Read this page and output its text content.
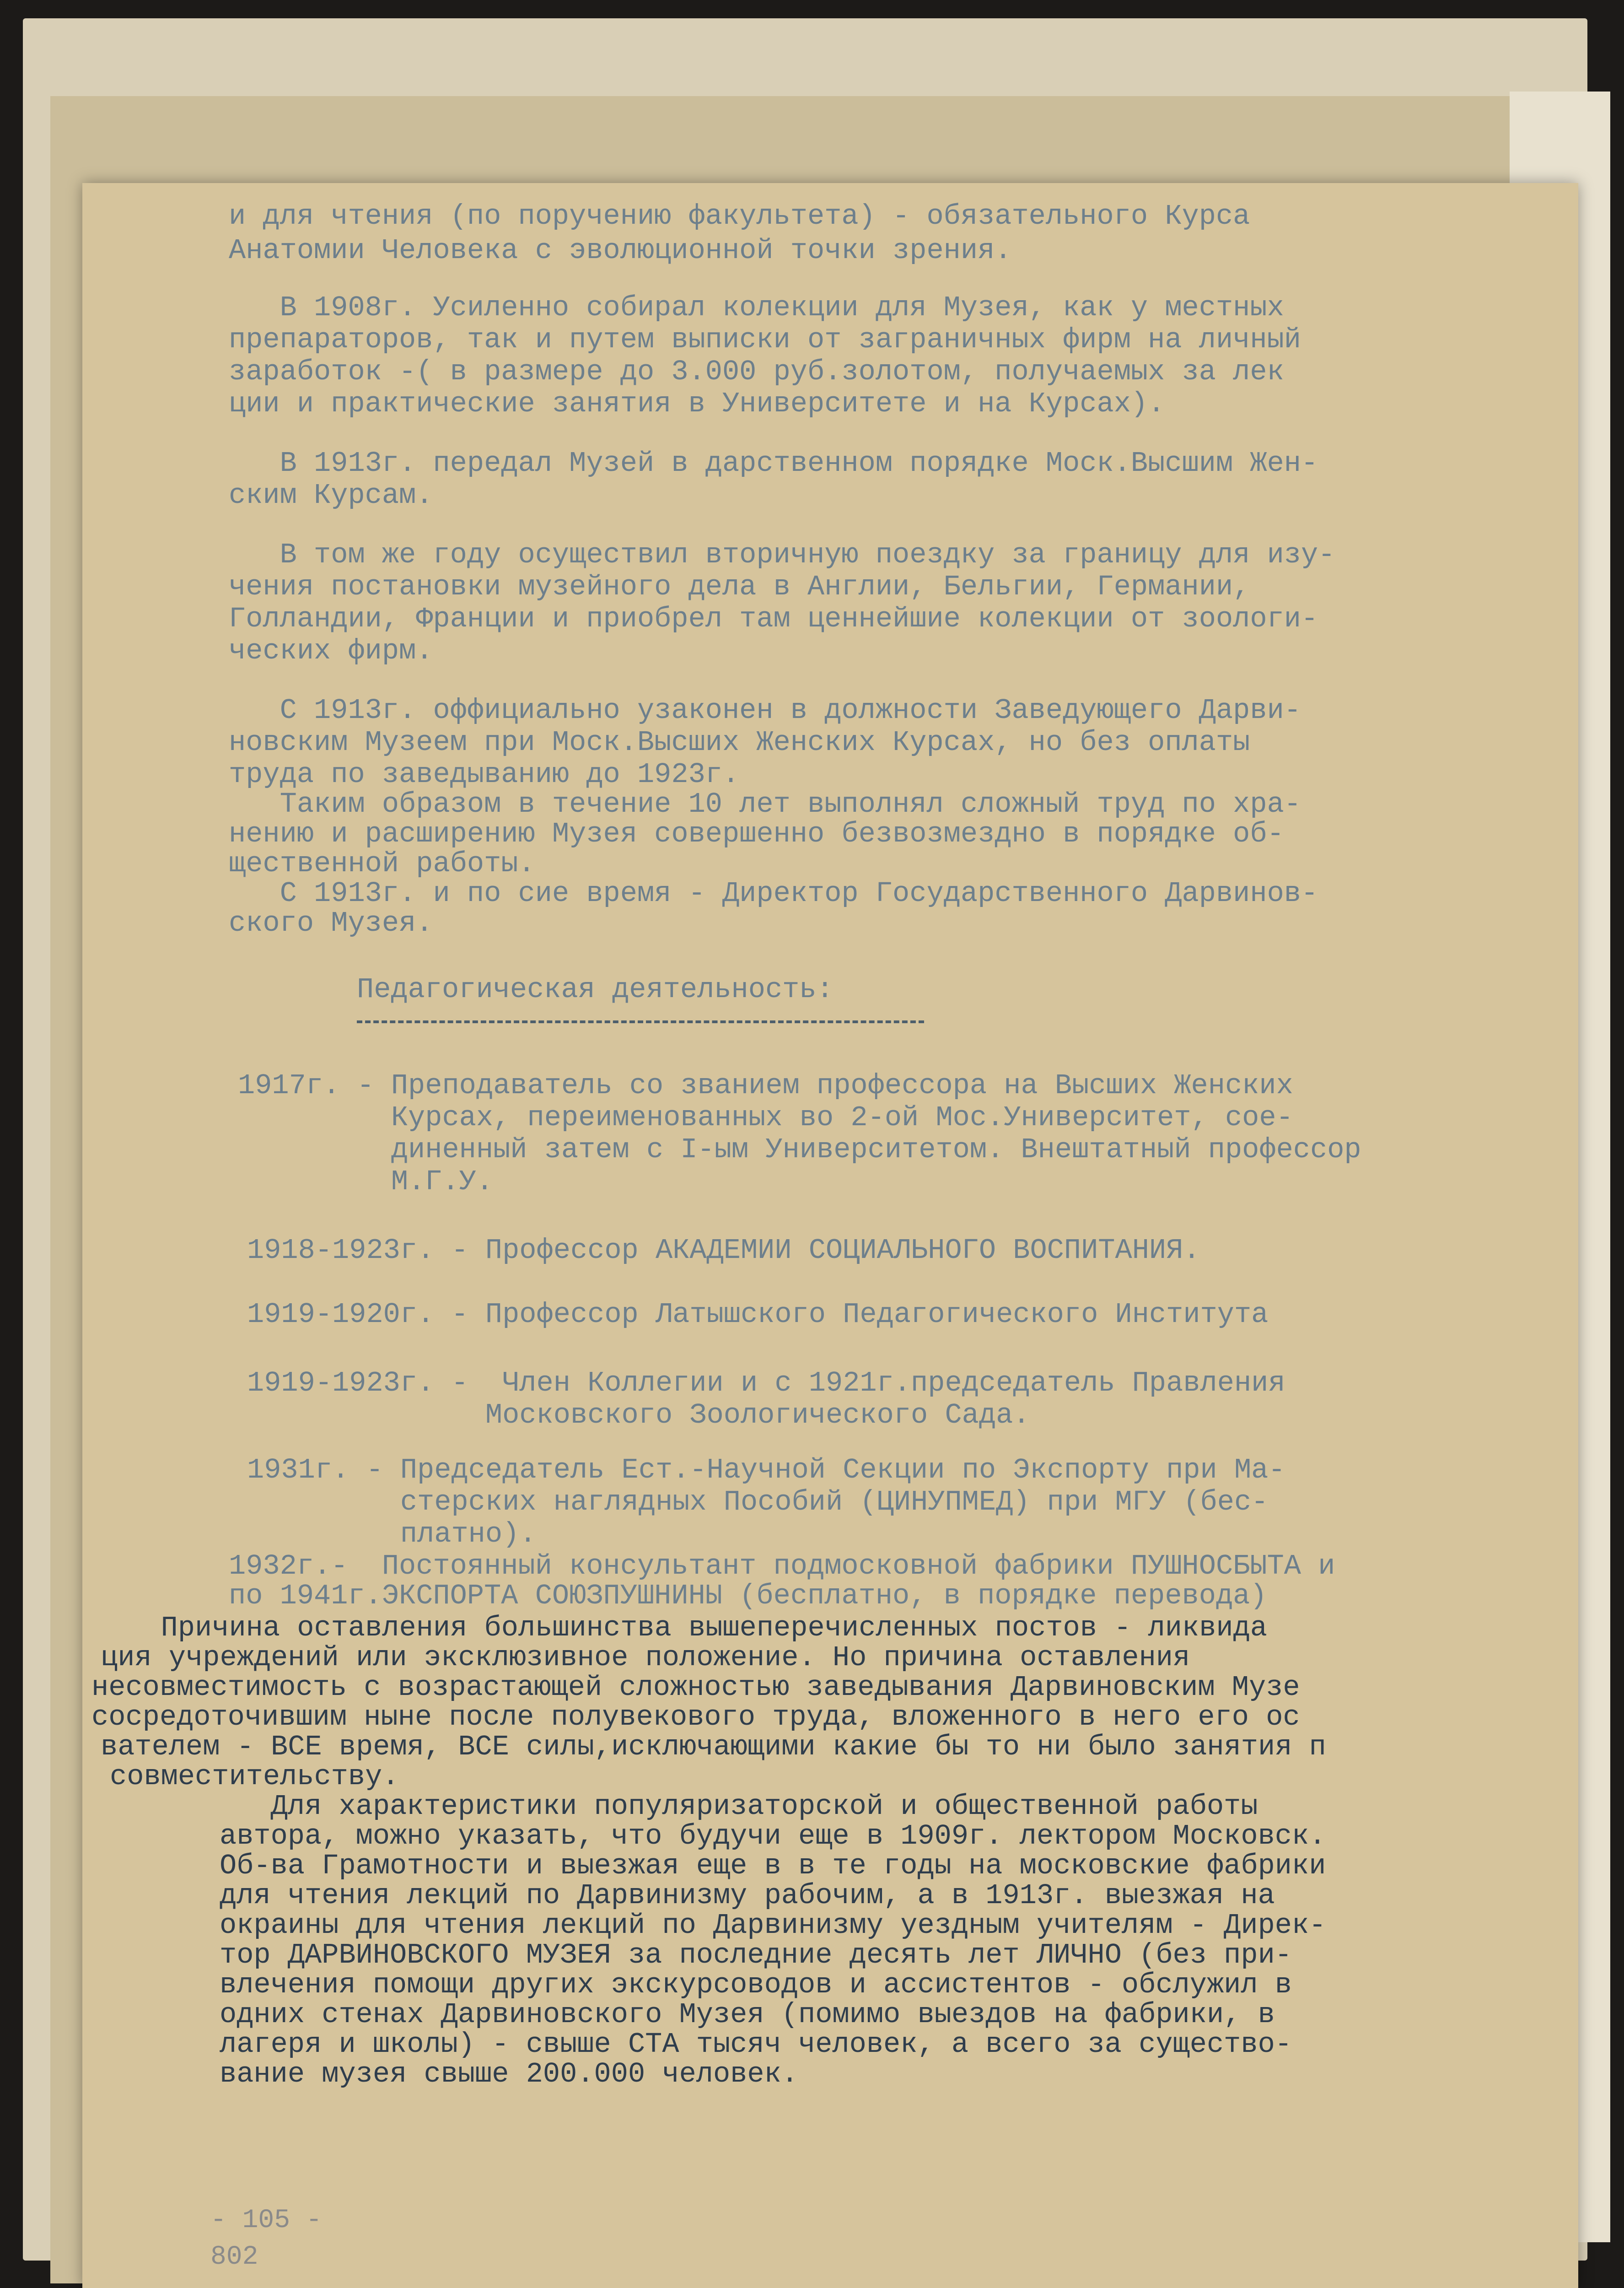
и для чтения (по поручению факультета) - обязательного Курса
Анатомии Человека с эволюционной точки зрения.
В 1908г. Усиленно собирал колекции для Музея, как у местных
препараторов, так и путем выписки от заграничных фирм на личный
заработок -( в размере до 3.000 руб.золотом, получаемых за лек
ции и практические занятия в Университете и на Курсах).
В 1913г. передал Музей в дарственном порядке Моск.Высшим Жен-
ским Курсам.
В том же году осуществил вторичную поездку за границу для изу-
чения постановки музейного дела в Англии, Бельгии, Германии,
Голландии, Франции и приобрел там ценнейшие колекции от зоологи-
ческих фирм.
С 1913г. оффициально узаконен в должности Заведующего Дарви-
новским Музеем при Моск.Высших Женских Курсах, но без оплаты
труда по заведыванию до 1923г.
Таким образом в течение 10 лет выполнял сложный труд по хра-
нению и расширению Музея совершенно безвозмездно в порядке об-
щественной работы.
С 1913г. и по сие время - Директор Государственного Дарвинов-
ского Музея.
Педагогическая деятельность:
1917г. - Преподаватель со званием профессора на Высших Женских
Курсах, переименованных во 2-ой Мос.Университет, сое-
диненный затем с I-ым Университетом. Внештатный профессор
М.Г.У.
1918-1923г. - Профессор АКАДЕМИИ СОЦИАЛЬНОГО ВОСПИТАНИЯ.
1919-1920г. - Профессор Латышского Педагогического Института
1919-1923г. -  Член Коллегии и с 1921г.председатель Правления
Московского Зоологического Сада.
1931г. - Председатель Ест.-Научной Секции по Экспорту при Ма-
стерских наглядных Пособий (ЦИНУПМЕД) при МГУ (бес-
платно).
1932г.-  Постоянный консультант подмосковной фабрики ПУШНОСБЫТА и
по 1941г.ЭКСПОРТА СОЮЗПУШНИНЫ (бесплатно, в порядке перевода)
Причина оставления большинства вышеперечисленных постов - ликвида
ция учреждений или эксклюзивное положение. Но причина оставления
несовместимость с возрастающей сложностью заведывания Дарвиновским Музе
сосредоточившим ныне после полувекового труда, вложенного в него его ос
вателем - ВСЕ время, ВСЕ силы,исключающими какие бы то ни было занятия п
совместительству.
Для характеристики популяризаторской и общественной работы
автора, можно указать, что будучи еще в 1909г. лектором Московск.
Об-ва Грамотности и выезжая еще в в те годы на московские фабрики
для чтения лекций по Дарвинизму рабочим, а в 1913г. выезжая на
окраины для чтения лекций по Дарвинизму уездным учителям - Дирек-
тор ДАРВИНОВСКОГО МУЗЕЯ за последние десять лет ЛИЧНО (без при-
влечения помощи других экскурсоводов и ассистентов - обслужил в
одних стенах Дарвиновского Музея (помимо выездов на фабрики, в
лагеря и школы) - свыше СТА тысяч человек, а всего за существо-
вание музея свыше 200.000 человек.
- 105 -
802
